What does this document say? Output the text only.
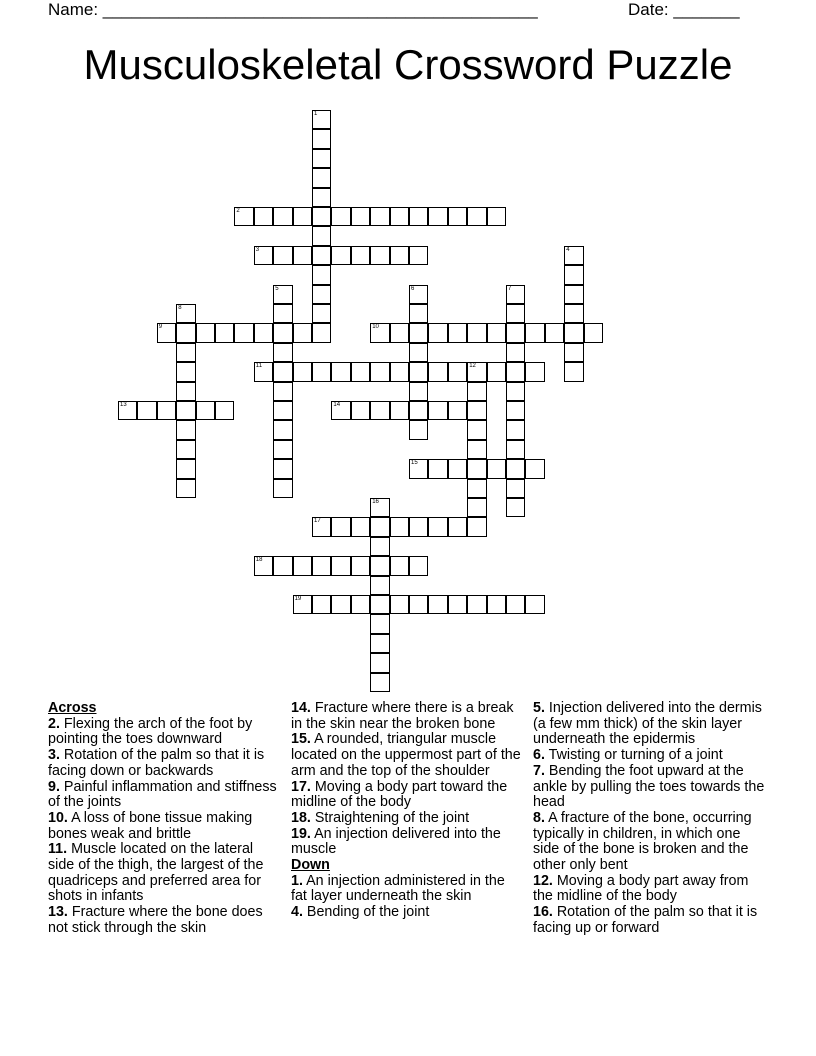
Name: ______________________________________________	Date: _______
Musculoskeletal Crossword Puzzle
1
2
3	4
5	6	7
8
9	10
11	12
13	14
15
16
17
18
19
Across

2. Flexing the arch of the foot by pointing the toes downward

3. Rotation of the palm so that it is facing down or backwards

9. Painful inflammation and stiffness of the joints

10. A loss of bone tissue making bones weak and brittle

11. Muscle located on the lateral side of the thigh, the largest of the quadriceps and preferred area for shots in infants

13. Fracture where the bone does not stick through the skin

14. Fracture where there is a break in the skin near the broken bone

15. A rounded, triangular muscle located on the uppermost part of the arm and the top of the shoulder

17. Moving a body part toward the midline of the body

18. Straightening of the joint

19. An injection delivered into the muscle

Down

1. An injection administered in the fat layer underneath the skin

4. Bending of the joint

5. Injection delivered into the dermis (a few mm thick) of the skin layer underneath the epidermis

6. Twisting or turning of a joint

7. Bending the foot upward at the ankle by pulling the toes towards the head

8. A fracture of the bone, occurring typically in children, in which one side of the bone is broken and the other only bent

12. Moving a body part away from the midline of the body

16. Rotation of the palm so that it is facing up or forward
